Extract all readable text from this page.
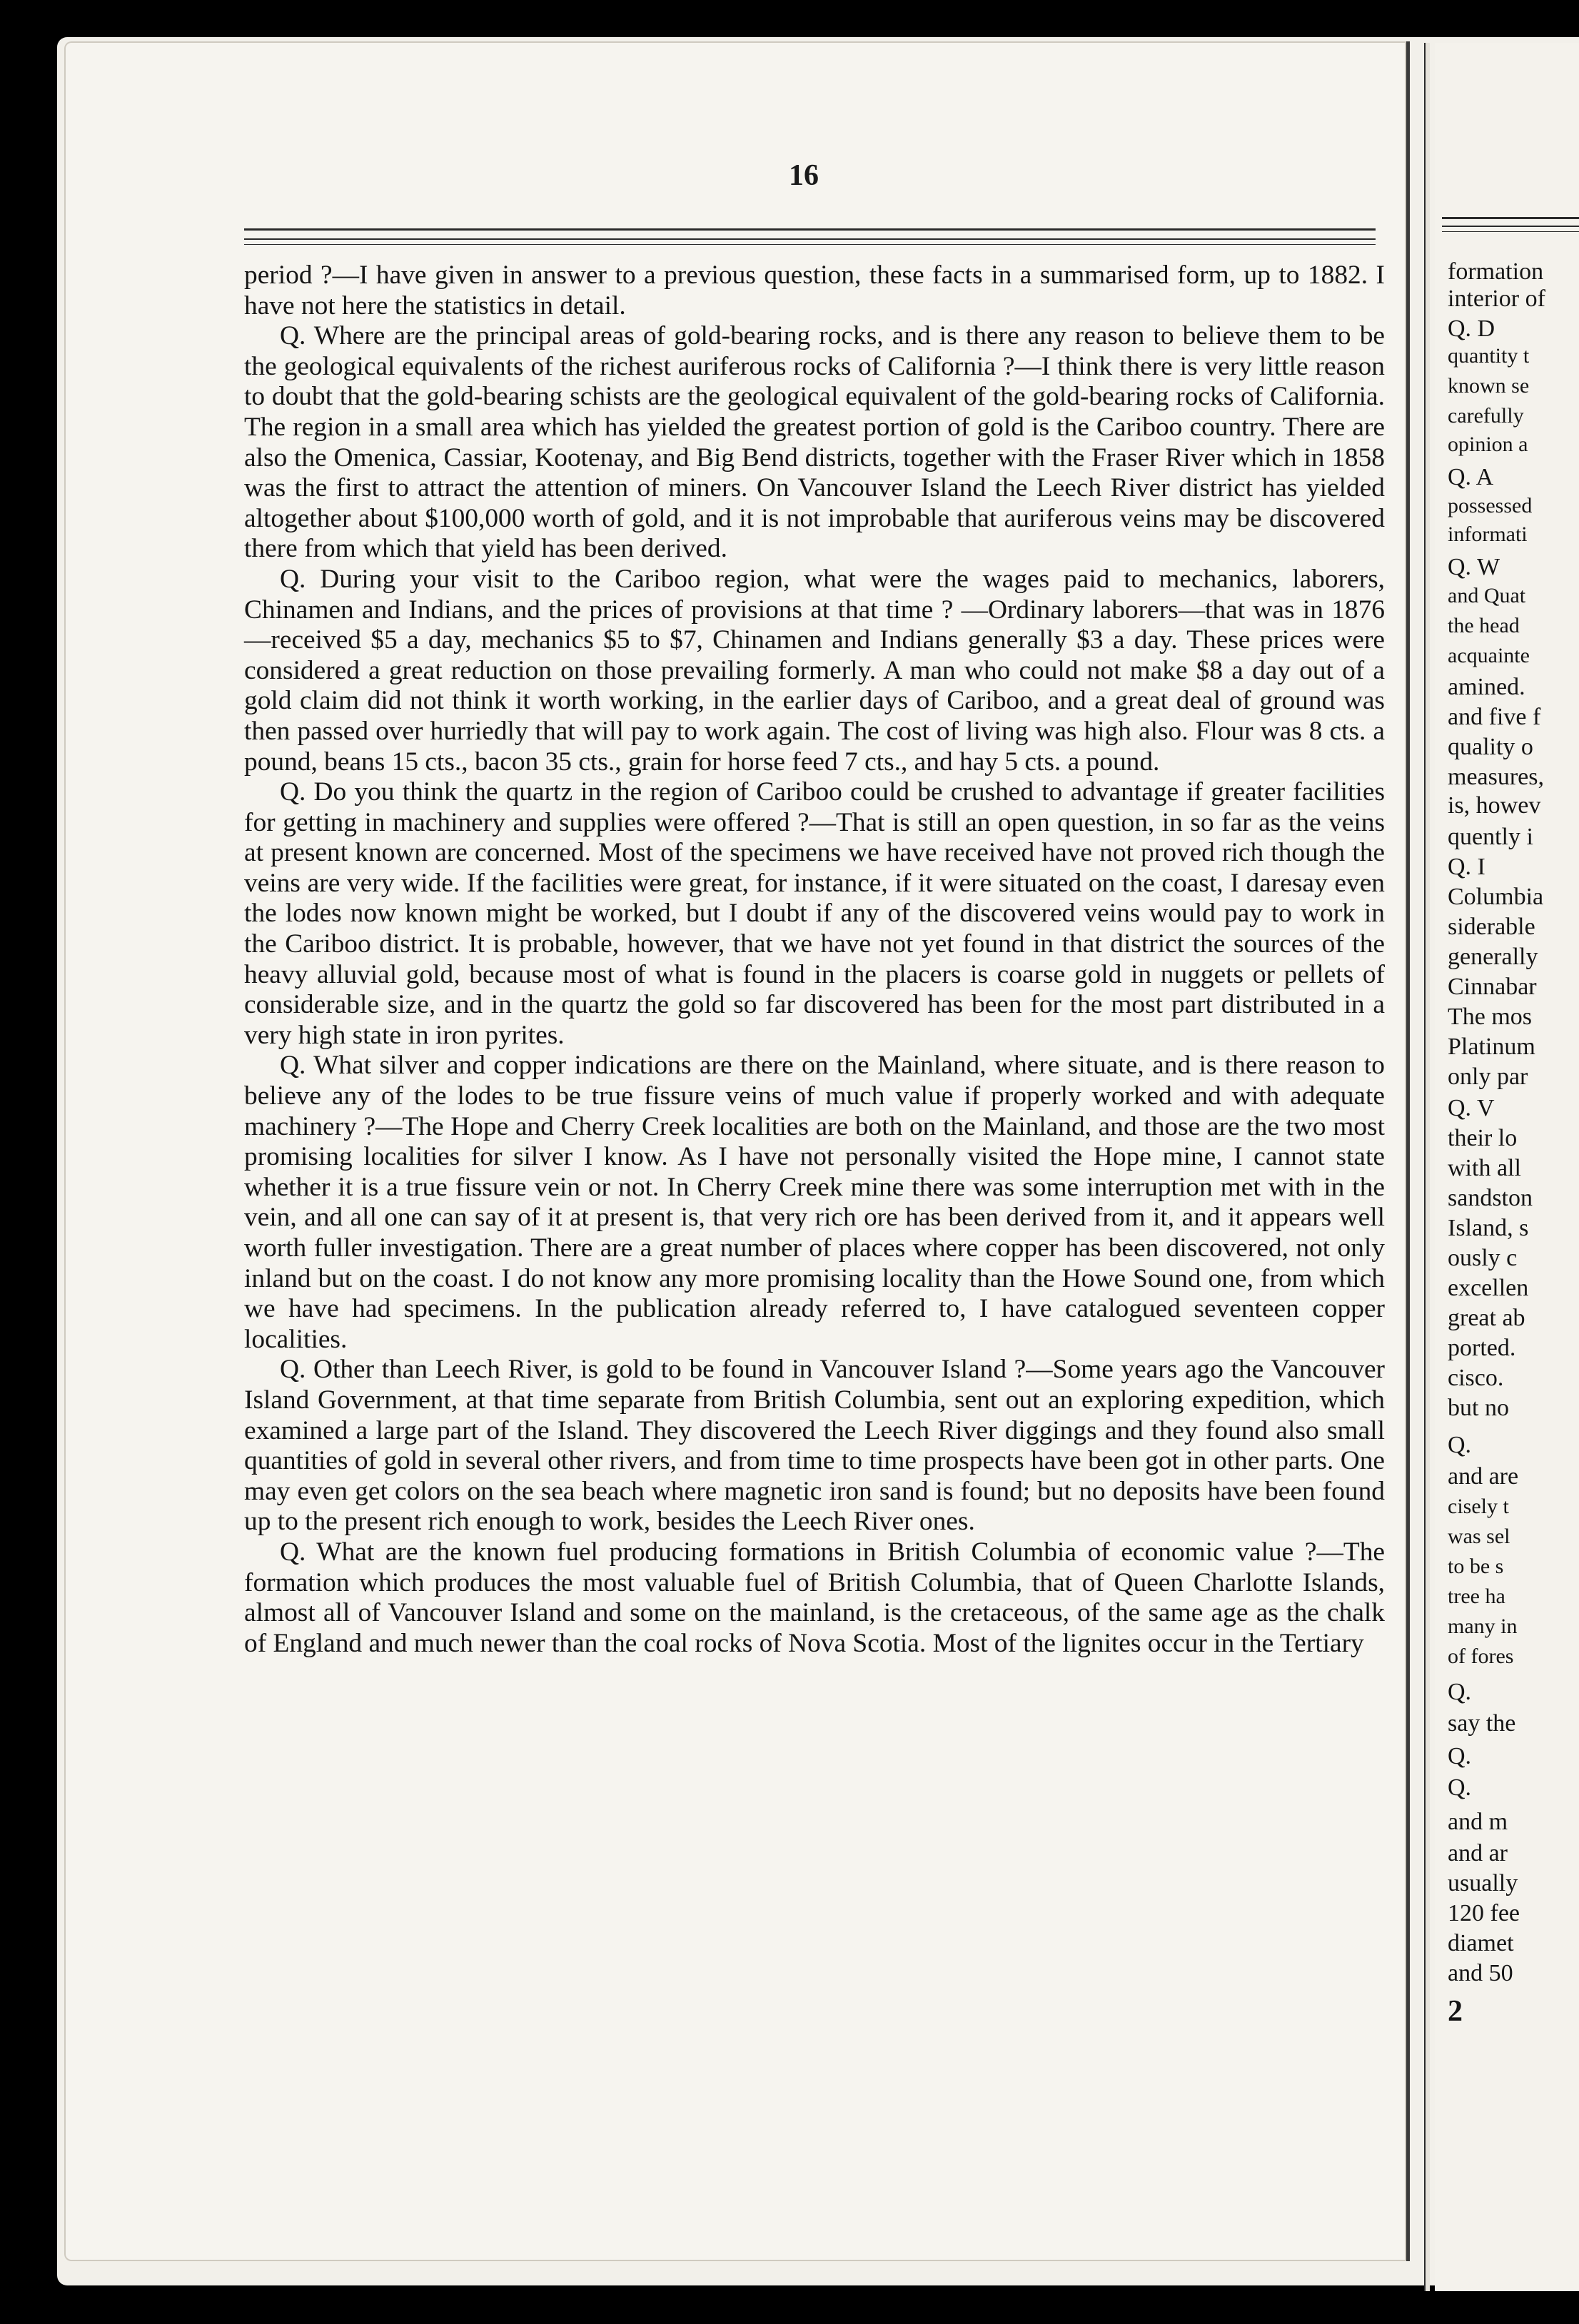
16

period ?—I have given in answer to a previous question, these facts in a summarised form, up to 1882. I have not here the statistics in detail.

Q. Where are the principal areas of gold-bearing rocks, and is there any reason to believe them to be the geological equivalents of the richest auriferous rocks of California ?—I think there is very little reason to doubt that the gold-bearing schists are the geological equivalent of the gold-bearing rocks of California. The region in a small area which has yielded the greatest portion of gold is the Cariboo country. There are also the Omenica, Cassiar, Kootenay, and Big Bend districts, together with the Fraser River which in 1858 was the first to attract the attention of miners. On Vancouver Island the Leech River district has yielded altogether about $100,000 worth of gold, and it is not improbable that auriferous veins may be discovered there from which that yield has been derived.

Q. During your visit to the Cariboo region, what were the wages paid to mechanics, laborers, Chinamen and Indians, and the prices of provisions at that time ? —Ordinary laborers—that was in 1876—received $5 a day, mechanics $5 to $7, Chinamen and Indians generally $3 a day. These prices were considered a great reduction on those prevailing formerly. A man who could not make $8 a day out of a gold claim did not think it worth working, in the earlier days of Cariboo, and a great deal of ground was then passed over hurriedly that will pay to work again. The cost of living was high also. Flour was 8 cts. a pound, beans 15 cts., bacon 35 cts., grain for horse feed 7 cts., and hay 5 cts. a pound.

Q. Do you think the quartz in the region of Cariboo could be crushed to advantage if greater facilities for getting in machinery and supplies were offered ?—That is still an open question, in so far as the veins at present known are concerned. Most of the specimens we have received have not proved rich though the veins are very wide. If the facilities were great, for instance, if it were situated on the coast, I daresay even the lodes now known might be worked, but I doubt if any of the discovered veins would pay to work in the Cariboo district. It is probable, however, that we have not yet found in that district the sources of the heavy alluvial gold, because most of what is found in the placers is coarse gold in nuggets or pellets of considerable size, and in the quartz the gold so far discovered has been for the most part distributed in a very high state in iron pyrites.

Q. What silver and copper indications are there on the Mainland, where situate, and is there reason to believe any of the lodes to be true fissure veins of much value if properly worked and with adequate machinery ?—The Hope and Cherry Creek localities are both on the Mainland, and those are the two most promising localities for silver I know. As I have not personally visited the Hope mine, I cannot state whether it is a true fissure vein or not. In Cherry Creek mine there was some interruption met with in the vein, and all one can say of it at present is, that very rich ore has been derived from it, and it appears well worth fuller investigation. There are a great number of places where copper has been discovered, not only inland but on the coast. I do not know any more promising locality than the Howe Sound one, from which we have had specimens. In the publication already referred to, I have catalogued seventeen copper localities.

Q. Other than Leech River, is gold to be found in Vancouver Island ?—Some years ago the Vancouver Island Government, at that time separate from British Columbia, sent out an exploring expedition, which examined a large part of the Island. They discovered the Leech River diggings and they found also small quantities of gold in several other rivers, and from time to time prospects have been got in other parts. One may even get colors on the sea beach where magnetic iron sand is found; but no deposits have been found up to the present rich enough to work, besides the Leech River ones.

Q. What are the known fuel producing formations in British Columbia of economic value ?—The formation which produces the most valuable fuel of British Columbia, that of Queen Charlotte Islands, almost all of Vancouver Island and some on the mainland, is the cretaceous, of the same age as the chalk of England and much newer than the coal rocks of Nova Scotia. Most of the lignites occur in the Tertiary

formation
interior of
Q. D
quantity t
known se
carefully
opinion a
Q. A
possessed
informati
Q. W
and Quat
the head
acquainte
amined.
and five f
quality o
measures,
is, howev
quently i
Q. I
Columbia
siderable
generally
Cinnabar
The mos
Platinum
only par
Q. V
their lo
with all
sandston
Island, s
ously c
excellen
great ab
ported.
cisco.
but no
Q.
and are
cisely t
was sel
to be s
tree ha
many in
of fores
Q.
say the
Q.
Q.
and m
and ar
usually
120 fee
diamet
and 50
2
